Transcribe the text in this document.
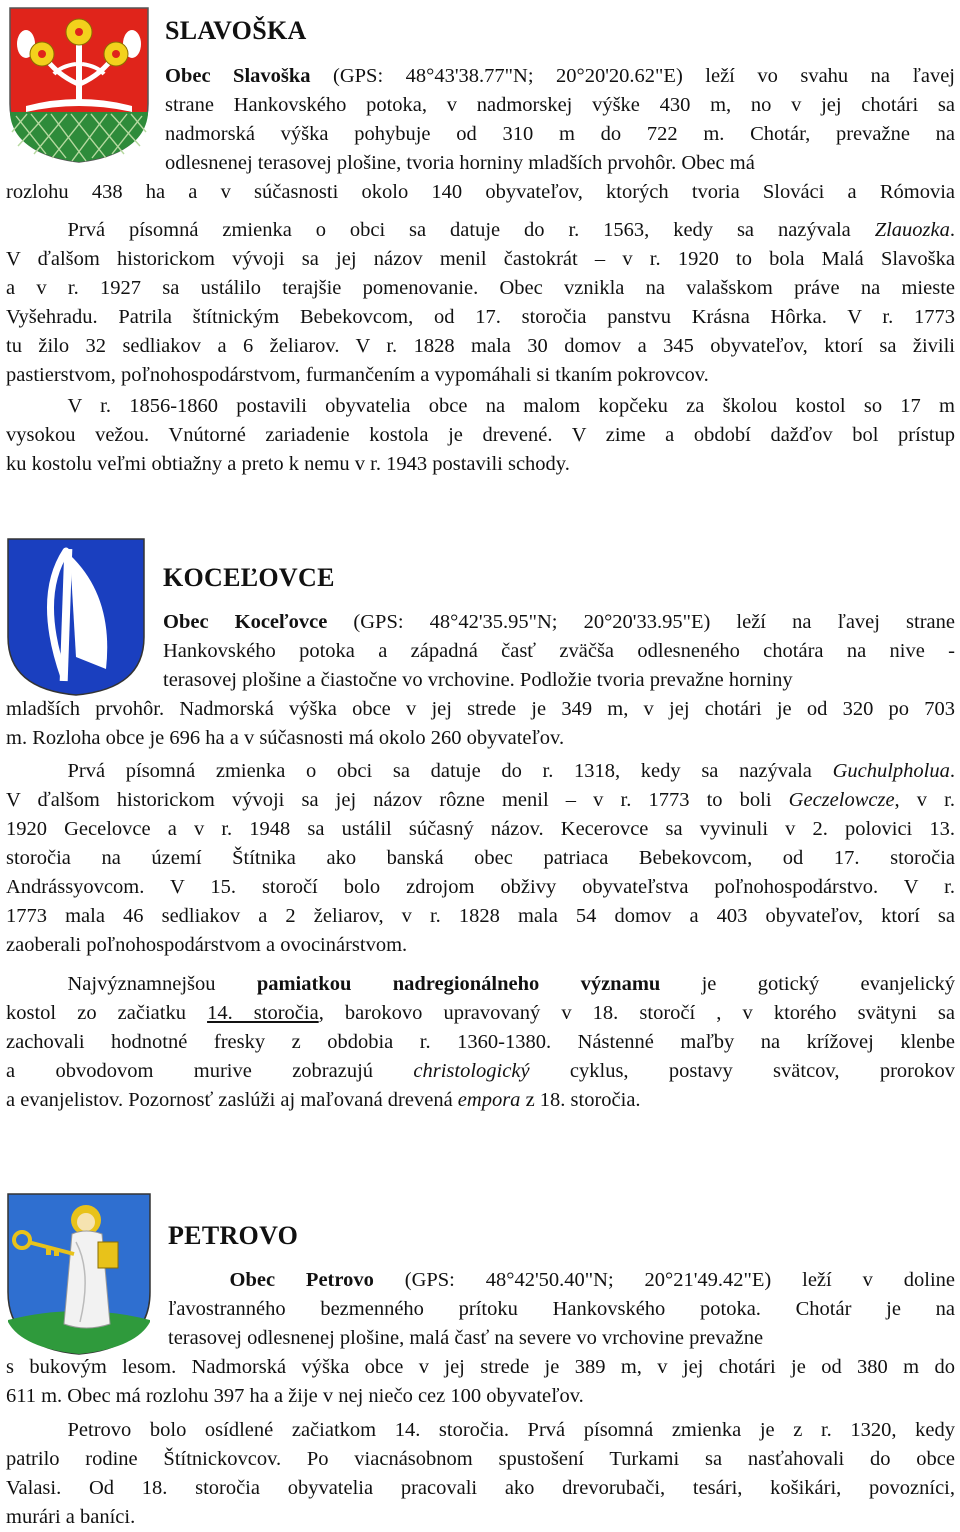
SLAVOŠKA

Obec Slavoška (GPS: 48°43'38.77"N; 20°20'20.62"E) leží vo svahu na ľavej
strane Hankovského potoka, v nadmorskej výške 430 m, no v jej chotári sa
nadmorská výška pohybuje od 310 m do 722 m. Chotár, prevažne na
odlesnenej terasovej plošine, tvoria horniny mladších prvohôr. Obec má

rozlohu 438 ha a v súčasnosti okolo 140 obyvateľov, ktorých tvoria Slováci a Rómovia

   Prvá písomná zmienka o obci sa datuje do r. 1563, kedy sa nazývala Zlauozka.
V ďalšom historickom vývoji sa jej názov menil častokrát – v r. 1920 to bola Malá Slavoška
a v r. 1927 sa ustálilo terajšie pomenovanie. Obec vznikla na valašskom práve na mieste
Vyšehradu. Patrila štítnickým Bebekovcom, od 17. storočia panstvu Krásna Hôrka. V r. 1773
tu žilo 32 sedliakov a 6 želiarov. V r. 1828 mala 30 domov a 345 obyvateľov, ktorí sa živili
pastierstvom, poľnohospodárstvom, furmančením a vypomáhali si tkaním pokrovcov.

   V r. 1856-1860 postavili obyvatelia obce na malom kopčeku za školou kostol so 17 m
vysokou vežou. Vnútorné zariadenie kostola je drevené. V zime a období dažďov bol prístup
ku kostolu veľmi obtiažny a preto k nemu v r. 1943 postavili schody.

KOCEĽOVCE

Obec Koceľovce (GPS: 48°42'35.95"N; 20°20'33.95"E) leží na ľavej strane
Hankovského potoka a západná časť zväčša odlesneného chotára na nive -
terasovej plošine a čiastočne vo vrchovine. Podložie tvoria prevažne horniny

mladších prvohôr. Nadmorská výška obce v jej strede je 349 m, v jej chotári je od 320 po 703
m. Rozloha obce je 696 ha a v súčasnosti má okolo 260 obyvateľov.

   Prvá písomná zmienka o obci sa datuje do r. 1318, kedy sa nazývala Guchulpholua.
V ďalšom historickom vývoji sa jej názov rôzne menil – v r. 1773 to boli Geczelowcze, v r.
1920 Gecelovce a v r. 1948 sa ustálil súčasný názov. Kecerovce sa vyvinuli v 2. polovici 13.
storočia na území Štítnika ako banská obec patriaca Bebekovcom, od 17. storočia
Andrássyovcom. V 15. storočí bolo zdrojom obživy obyvateľstva poľnohospodárstvo. V r.
1773 mala 46 sedliakov a 2 želiarov, v r. 1828 mala 54 domov a 403 obyvateľov, ktorí sa
zaoberali poľnohospodárstvom a ovocinárstvom.

   Najvýznamnejšou pamiatkou nadregionálneho významu je gotický evanjelický
kostol zo začiatku 14. storočia, barokovo upravovaný v 18. storočí , v ktorého svätyni sa
zachovali hodnotné fresky z obdobia r. 1360-1380. Nástenné maľby na krížovej klenbe
a obvodovom murive zobrazujú christologický cyklus, postavy svätcov, prorokov
a evanjelistov. Pozornosť zaslúži aj maľovaná drevená empora z 18. storočia.

PETROVO

   Obec Petrovo (GPS: 48°42'50.40"N; 20°21'49.42"E) leží v doline
ľavostranného bezmenného prítoku Hankovského potoka. Chotár je na
terasovej odlesnenej plošine, malá časť na severe vo vrchovine prevažne

s bukovým lesom. Nadmorská výška obce v jej strede je 389 m, v jej chotári je od 380 m do
611 m. Obec má rozlohu 397 ha a žije v nej niečo cez 100 obyvateľov.

   Petrovo bolo osídlené začiatkom 14. storočia. Prvá písomná zmienka je z r. 1320, kedy
patrilo rodine Štítnickovcov. Po viacnásobnom spustošení Turkami sa nasťahovali do obce
Valasi. Od 18. storočia obyvatelia pracovali ako drevorubači, tesári, košikári, povozníci,
murári a baníci.
